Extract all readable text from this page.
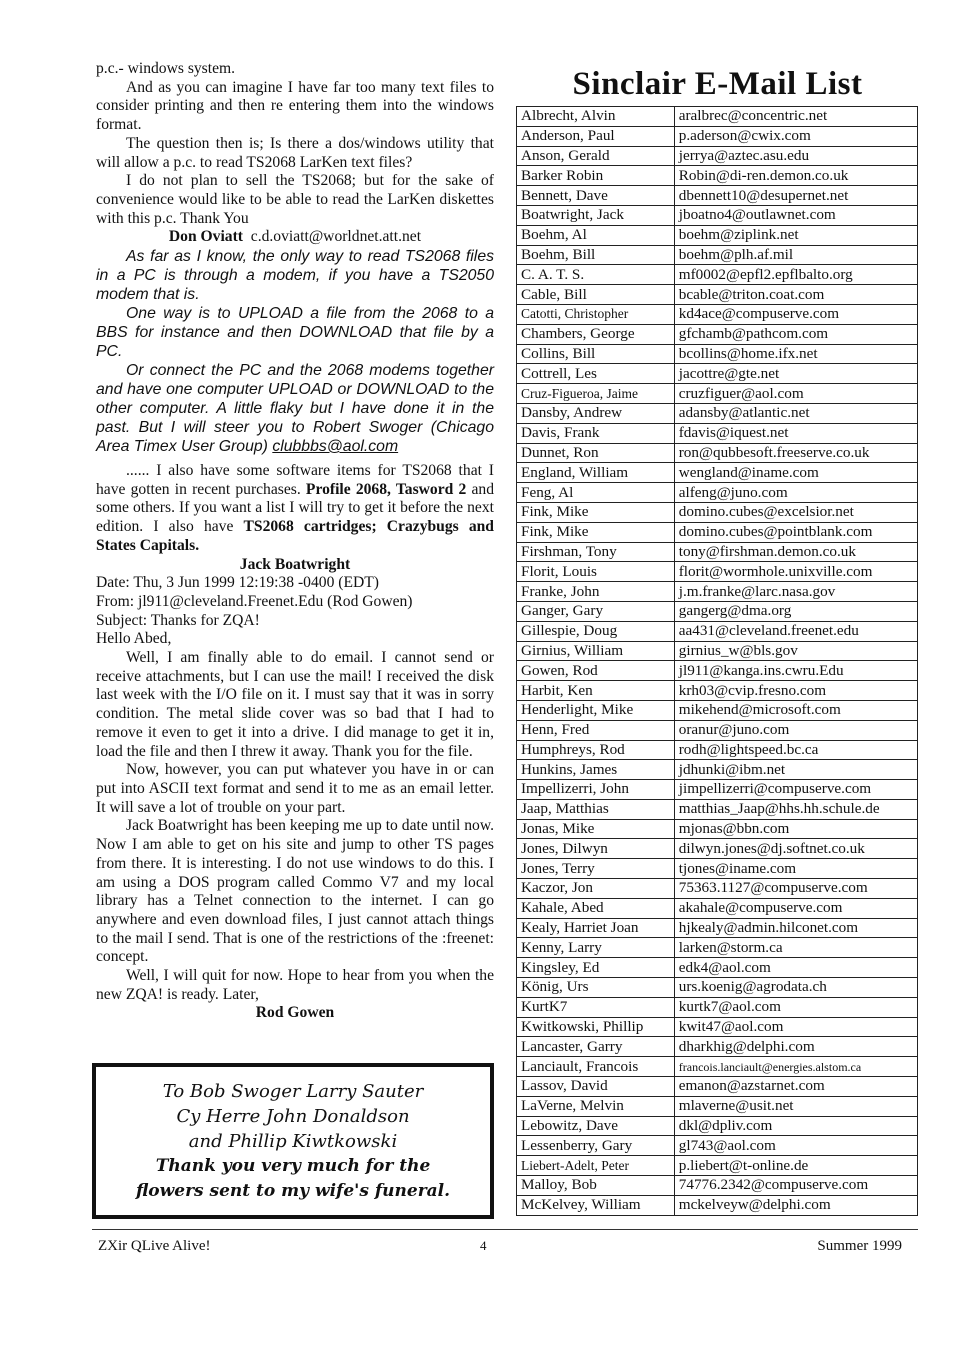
p.c.- windows system.

And as you can imagine I have far too many text files to consider printing and then re entering them into the windows format.

The question then is; Is there a dos/windows utility that will allow a p.c. to read TS2068 LarKen text files?

I do not plan to sell the TS2068; but for the sake of convenience would like to be able to read the LarKen diskettes with this p.c. Thank You

Don Oviatt c.d.oviatt@worldnet.att.net

As far as I know, the only way to read TS2068 files in a PC is through a modem, if you have a TS2050 modem that is.

One way is to UPLOAD a file from the 2068 to a BBS for instance and then DOWNLOAD that file by a PC.

Or connect the PC and the 2068 modems together and have one computer UPLOAD or DOWNLOAD to the other computer. A little flaky but I have done it in the past. But I will steer you to Robert Swoger (Chicago Area Timex User Group) clubbbs@aol.com

...... I also have some software items for TS2068 that I have gotten in recent purchases. Profile 2068, Tasword 2 and some others. If you want a list I will try to get it before the next edition. I also have TS2068 cartridges; Crazybugs and States Capitals.

Jack Boatwright

Date: Thu, 3 Jun 1999 12:19:38 -0400 (EDT)

From: jl911@cleveland.Freenet.Edu (Rod Gowen)

Subject: Thanks for ZQA!

Hello Abed,

Well, I am finally able to do email. I cannot send or receive attachments, but I can use the mail! I received the disk last week with the I/O file on it. I must say that it was in sorry condition. The metal slide cover was so bad that I had to remove it even to get it into a drive. I did manage to get it in, load the file and then I threw it away. Thank you for the file.

Now, however, you can put whatever you have in or can put into ASCII text format and send it to me as an email letter. It will save a lot of trouble on your part.

Jack Boatwright has been keeping me up to date until now. Now I am able to get on his site and jump to other TS pages from there. It is interesting. I do not use windows to do this. I am using a DOS program called Commo V7 and my local library has a Telnet connection to the internet. I can go anywhere and even download files, I just cannot attach things to the mail I send. That is one of the restrictions of the :freenet: concept.

Well, I will quit for now. Hope to hear from you when the new ZQA! is ready. Later,

Rod Gowen

To Bob Swoger Larry Sauter
Cy Herre John Donaldson
and Phillip Kiwtkowski
Thank you very much for the
flowers sent to my wife's funeral.
Sinclair E-Mail List
Albrecht, Alvin	aralbrec@concentric.net
Anderson, Paul	p.aderson@cwix.com
Anson, Gerald	jerrya@aztec.asu.edu
Barker Robin	Robin@di-ren.demon.co.uk
Bennett, Dave	dbennett10@desupernet.net
Boatwright, Jack	jboatno4@outlawnet.com
Boehm, Al	boehm@ziplink.net
Boehm, Bill	boehm@plh.af.mil
C. A. T. S.	mf0002@epfl2.epflbalto.org
Cable, Bill	bcable@triton.coat.com
Catotti, Christopher	kd4ace@compuserve.com
Chambers, George	gfchamb@pathcom.com
Collins, Bill	bcollins@home.ifx.net
Cottrell, Les	jacottre@gte.net
Cruz-Figueroa, Jaime	cruzfiguer@aol.com
Dansby, Andrew	adansby@atlantic.net
Davis, Frank	fdavis@iquest.net
Dunnet, Ron	ron@qubbesoft.freeserve.co.uk
England, William	wengland@iname.com
Feng, Al	alfeng@juno.com
Fink, Mike	domino.cubes@excelsior.net
Fink, Mike	domino.cubes@pointblank.com
Firshman, Tony	tony@firshman.demon.co.uk
Florit, Louis	florit@wormhole.unixville.com
Franke, John	j.m.franke@larc.nasa.gov
Ganger, Gary	gangerg@dma.org
Gillespie, Doug	aa431@cleveland.freenet.edu
Girnius, William	girnius_w@bls.gov
Gowen, Rod	jl911@kanga.ins.cwru.Edu
Harbit, Ken	krh03@cvip.fresno.com
Henderlight, Mike	mikehend@microsoft.com
Henn, Fred	oranur@juno.com
Humphreys, Rod	rodh@lightspeed.bc.ca
Hunkins, James	jdhunki@ibm.net
Impellizerri, John	jimpellizerri@compuserve.com
Jaap, Matthias	matthias_Jaap@hhs.hh.schule.de
Jonas, Mike	mjonas@bbn.com
Jones, Dilwyn	dilwyn.jones@dj.softnet.co.uk
Jones, Terry	tjones@iname.com
Kaczor, Jon	75363.1127@compuserve.com
Kahale, Abed	akahale@compuserve.com
Kealy, Harriet Joan	hjkealy@admin.hilconet.com
Kenny, Larry	larken@storm.ca
Kingsley, Ed	edk4@aol.com
König, Urs	urs.koenig@agrodata.ch
KurtK7	kurtk7@aol.com
Kwitkowski, Phillip	kwit47@aol.com
Lancaster, Garry	dharkhig@delphi.com
Lanciault, Francois	francois.lanciault@energies.alstom.ca
Lassov, David	emanon@azstarnet.com
LaVerne, Melvin	mlaverne@usit.net
Lebowitz, Dave	dkl@dpliv.com
Lessenberry, Gary	gl743@aol.com
Liebert-Adelt, Peter	p.liebert@t-online.de
Malloy, Bob	74776.2342@compuserve.com
McKelvey, William	mckelveyw@delphi.com
ZXir QLive Alive!	4	Summer 1999
